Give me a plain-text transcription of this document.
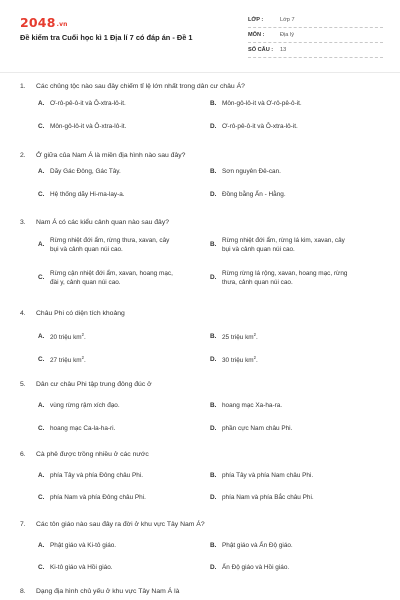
2048.vn
Đề kiểm tra Cuối học kì 1 Địa lí 7 có đáp án - Đề 1
LỚP :	Lớp 7
MÔN :	Địa lý
SỐ CÂU :	13
1. Các chủng tộc nào sau đây chiếm tỉ lệ lớn nhất trong dân cư châu Á?
A. Ơ-rô-pê-ô-it và Ô-xtra-lô-it.	B. Môn-gô-lô-it và Ơ-rô-pê-ô-it.
C. Môn-gô-lô-it và Ô-xtra-lô-it.	D. Ơ-rô-pê-ô-it và Ô-xtra-lô-it.
2. Ở giữa của Nam Á là miền địa hình nào sau đây?
A. Dãy Gác Đông, Gác Tây.	B. Sơn nguyên Đê-can.
C. Hệ thống dãy Hi-ma-lay-a.	D. Đồng bằng Ấn - Hằng.
3. Nam Á có các kiểu cảnh quan nào sau đây?
A.
Rừng nhiệt đới ẩm, rừng thưa, xavan, cây
bụi và cảnh quan núi cao.
B.
Rừng nhiệt đới ẩm, rừng lá kim, xavan, cây
bụi và cảnh quan núi cao.
C.
Rừng cận nhiệt đới ẩm, xavan, hoang mạc,
đài y, cảnh quan núi cao.
D.
Rừng rừng lá rộng, xavan, hoang mạc, rừng
thưa, cảnh quan núi cao.
4. Châu Phi có diện tích khoảng
A. 20 triệu $km^2$.	B. 25 triệu $km^2$.
C. 27 triệu $km^2$.	D. 30 triệu $km^2$.
5. Dân cư châu Phi tập trung đông đúc ở
A. vùng rừng rậm xích đạo.	B. hoang mạc Xa-ha-ra.
C. hoang mạc Ca-la-ha-ri.	D. phần cực Nam châu Phi.
6. Cà phê được trồng nhiều ở các nước
A. phía Tây và phía Đông châu Phi.	B. phía Tây và phía Nam châu Phi.
C. phía Nam và phía Đông châu Phi.	D. phía Nam và phía Bắc châu Phi.
7. Các tôn giáo nào sau đây ra đời ở khu vực Tây Nam Á?
A. Phật giáo và Ki-tô giáo.	B. Phật giáo và Ấn Độ giáo.
C. Ki-tô giáo và Hồi giáo.	D. Ấn Độ giáo và Hồi giáo.
8. Dạng địa hình chủ yếu ở khu vực Tây Nam Á là
